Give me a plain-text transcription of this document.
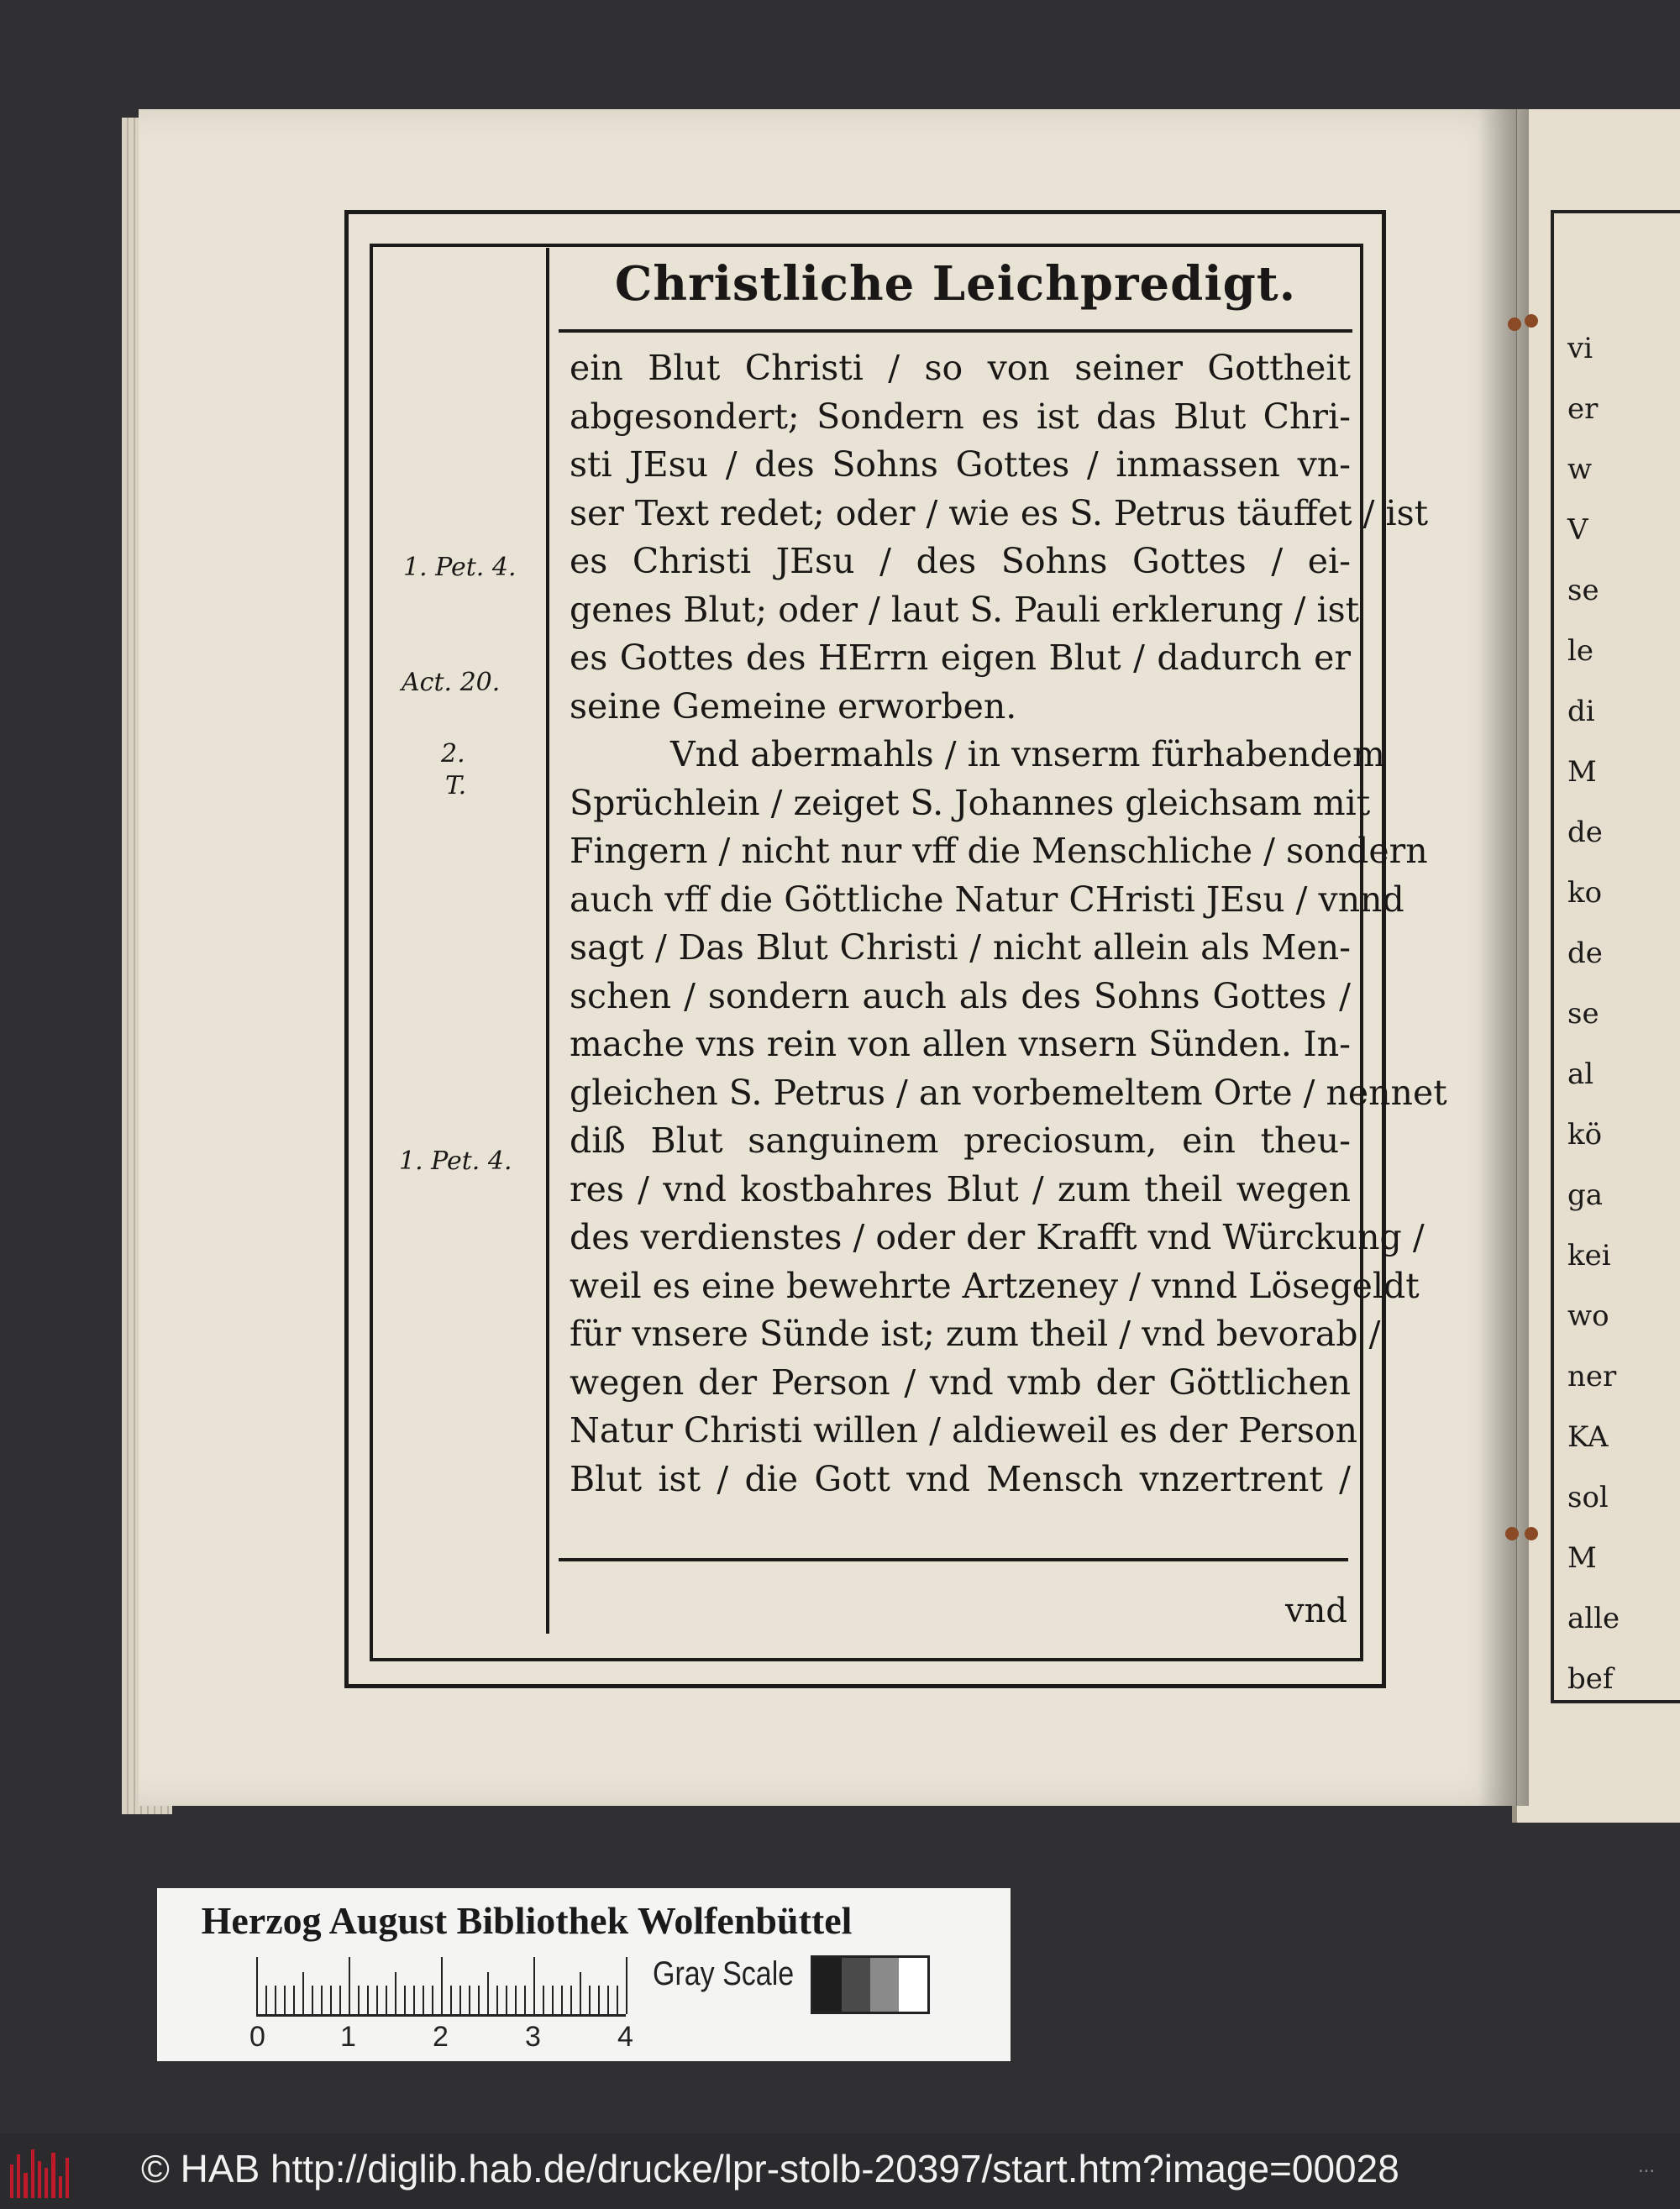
vi
er
w
V
se
le
di
M
de
ko
de
se
al
kö
ga
kei
wo
ner
KA
sol
M
alle
bef
Christliche Leichpredigt.
ein Blut Christi / so von seiner Gottheit
abgesondert; Sondern es ist das Blut Chri-
sti JEsu / des Sohns Gottes / inmassen vn-
ser Text redet; oder / wie es S. Petrus täuffet / ist
es Christi JEsu / des Sohns Gottes / ei-
genes Blut; oder / laut S. Pauli erklerung / ist
es Gottes des HErrn eigen Blut / dadurch er
seine Gemeine erworben.
Vnd abermahls / in vnserm fürhabendem
Sprüchlein / zeiget S. Johannes gleichsam mit
Fingern / nicht nur vff die Menschliche / sondern
auch vff die Göttliche Natur CHristi JEsu / vnnd
sagt / Das Blut Christi / nicht allein als Men-
schen / sondern auch als des Sohns Gottes /
mache vns rein von allen vnsern Sünden. In-
gleichen S. Petrus / an vorbemeltem Orte / nennet
diß Blut sanguinem preciosum, ein theu-
res / vnd kostbahres Blut / zum theil wegen
des verdienstes / oder der Krafft vnd Würckung /
weil es eine bewehrte Artzeney / vnnd Lösegeldt
für vnsere Sünde ist; zum theil / vnd bevorab /
wegen der Person / vnd vmb der Göttlichen
Natur Christi willen / aldieweil es der Person
Blut ist / die Gott vnd Mensch vnzertrent /
1. Pet. 4.
Act. 20.
2.
T.
1. Pet. 4.
vnd
Herzog August Bibliothek Wolfenbüttel
0	1	2	3	4
Gray Scale
© HAB http://diglib.hab.de/drucke/lpr-stolb-20397/start.htm?image=00028	...
